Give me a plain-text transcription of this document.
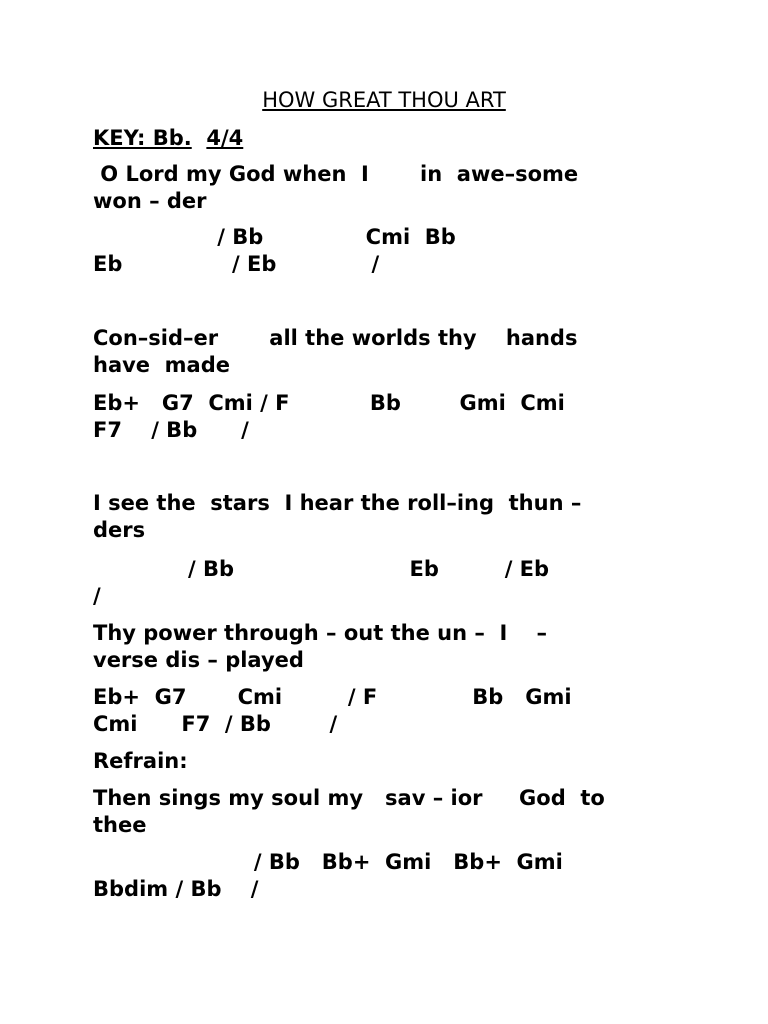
HOW GREAT THOU ART
KEY: Bb. 4/4
O Lord my God when  I       in  awe–some
won – der
/ Bb              Cmi  Bb
Eb               / Eb             /
Con–sid–er       all the worlds thy    hands
have  made
Eb+   G7  Cmi / F           Bb        Gmi  Cmi
F7    / Bb      /
I see the  stars  I hear the roll–ing  thun –
ders
/ Bb                        Eb         / Eb
/
Thy power through – out the un –  I    –
verse dis – played
Eb+  G7       Cmi         / F             Bb   Gmi
Cmi      F7  / Bb        /
Refrain:
Then sings my soul my   sav – ior     God  to
thee
/ Bb   Bb+  Gmi   Bb+  Gmi
Bbdim / Bb    /
